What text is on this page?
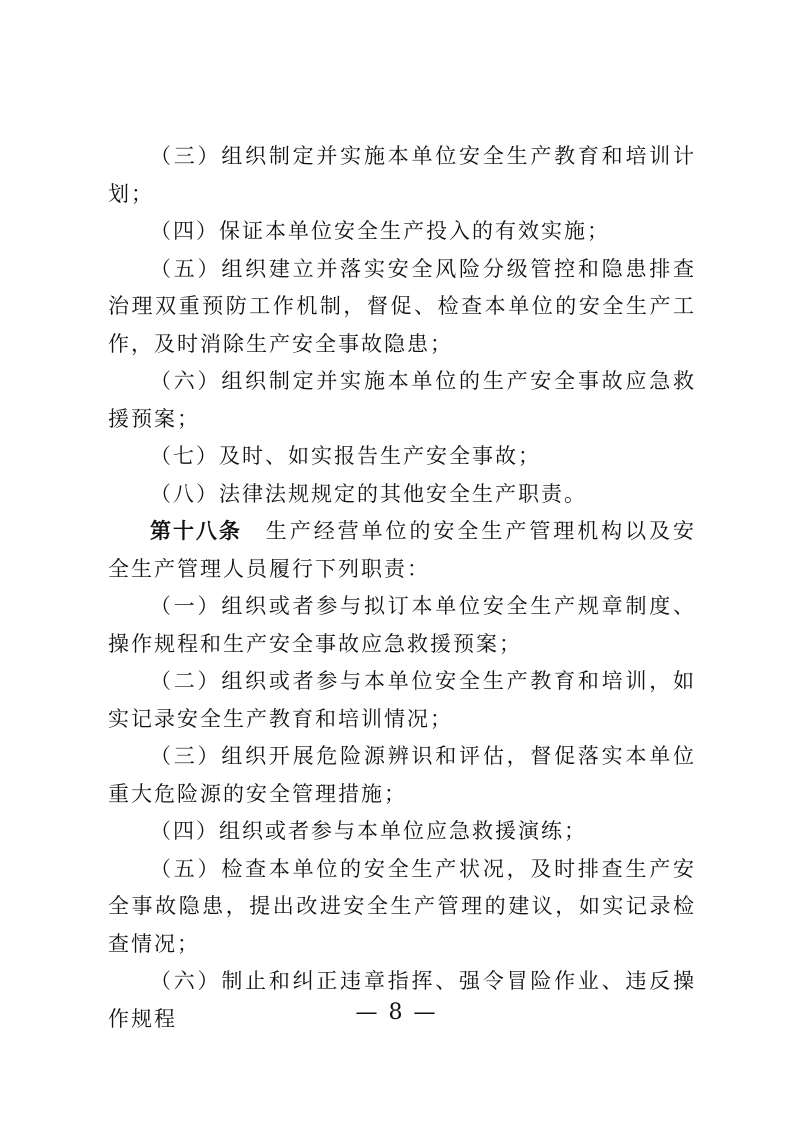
（三）组织制定并实施本单位安全生产教育和培训计划；

（四）保证本单位安全生产投入的有效实施；

（五）组织建立并落实安全风险分级管控和隐患排查治理双重预防工作机制，督促、检查本单位的安全生产工作，及时消除生产安全事故隐患；

（六）组织制定并实施本单位的生产安全事故应急救援预案；

（七）及时、如实报告生产安全事故；

（八）法律法规规定的其他安全生产职责。

第十八条　生产经营单位的安全生产管理机构以及安全生产管理人员履行下列职责：

（一）组织或者参与拟订本单位安全生产规章制度、操作规程和生产安全事故应急救援预案；

（二）组织或者参与本单位安全生产教育和培训，如实记录安全生产教育和培训情况；

（三）组织开展危险源辨识和评估，督促落实本单位重大危险源的安全管理措施；

（四）组织或者参与本单位应急救援演练；

（五）检查本单位的安全生产状况，及时排查生产安全事故隐患，提出改进安全生产管理的建议，如实记录检查情况；

（六）制止和纠正违章指挥、强令冒险作业、违反操作规程	— 8 —
